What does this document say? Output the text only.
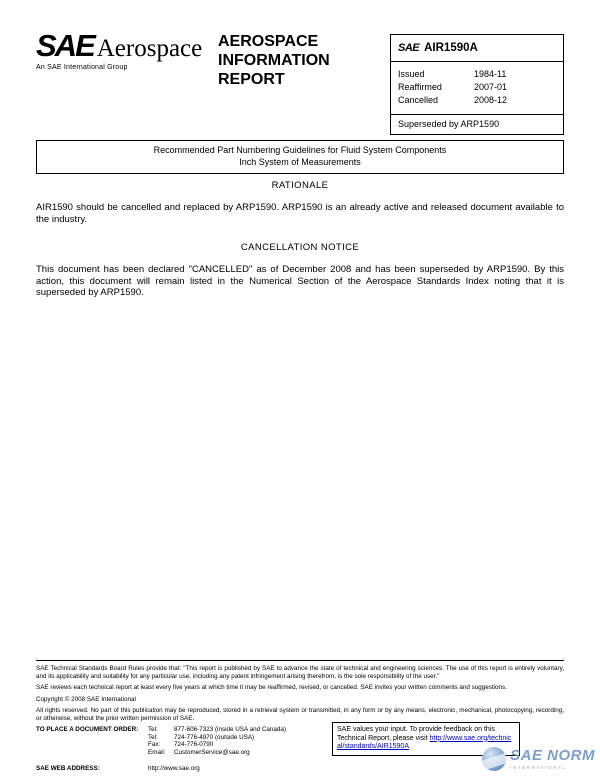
SAE Aerospace
An SAE International Group
AEROSPACE INFORMATION REPORT
SAE AIR1590A
Issued	1984-11
Reaffirmed	2007-01
Cancelled	2008-12
Superseded by ARP1590
Recommended Part Numbering Guidelines for Fluid System Components
Inch System of Measurements
RATIONALE

AIR1590 should be cancelled and replaced by ARP1590. ARP1590 is an already active and released document available to the industry.

CANCELLATION NOTICE

This document has been declared "CANCELLED" as of December 2008 and has been superseded by ARP1590. By this action, this document will remain listed in the Numerical Section of the Aerospace Standards Index noting that it is superseded by ARP1590.

SAE Technical Standards Board Rules provide that: "This report is published by SAE to advance the state of technical and engineering sciences. The use of this report is entirely voluntary, and its applicability and suitability for any particular use, including any patent infringement arising therefrom, is the sole responsibility of the user."

SAE reviews each technical report at least every five years at which time it may be reaffirmed, revised, or cancelled. SAE invites your written comments and suggestions.

Copyright © 2008 SAE International

All rights reserved. No part of this publication may be reproduced, stored in a retrieval system or transmitted, in any form or by any means, electronic, mechanical, photocopying, recording, or otherwise, without the prior written permission of SAE.

TO PLACE A DOCUMENT ORDER:	Tel:	877-606-7323 (inside USA and Canada)
Tel:	724-776-4970 (outside USA)
Fax:	724-776-0790
Email:	CustomerService@sae.org
SAE values your input. To provide feedback on this Technical Report, please visit http://www.sae.org/technical/standards/AIR1590A
SAE WEB ADDRESS:	http://www.sae.org
SAE NORM
INTERNATIONAL
